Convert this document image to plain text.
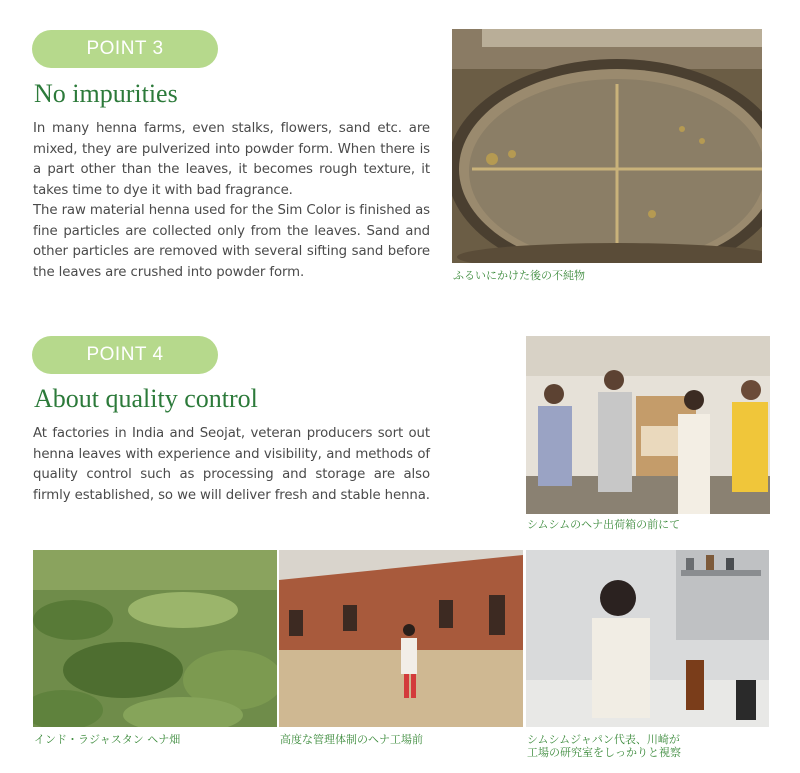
POINT 3
No impurities

In many henna farms, even stalks, flowers, sand etc. are mixed, they are pulverized into powder form. When there is a part other than the leaves, it becomes rough texture, it takes time to dye it with bad fragrance.

The raw material henna used for the Sim Color is finished as fine particles are collected only from the leaves. Sand and other particles are removed with several sifting sand before the leaves are crushed into powder form.	ふるいにかけた後の不純物
POINT 4
About quality control

At factories in India and Seojat, veteran producers sort out henna leaves with experience and visibility, and methods of quality control such as processing and storage are also firmly established, so we will deliver fresh and stable henna.

シムシムのヘナ出荷箱の前にて
インド・ラジャスタン ヘナ畑	高度な管理体制のヘナ工場前	シムシムジャパン代表、川崎が
工場の研究室をしっかりと視察
